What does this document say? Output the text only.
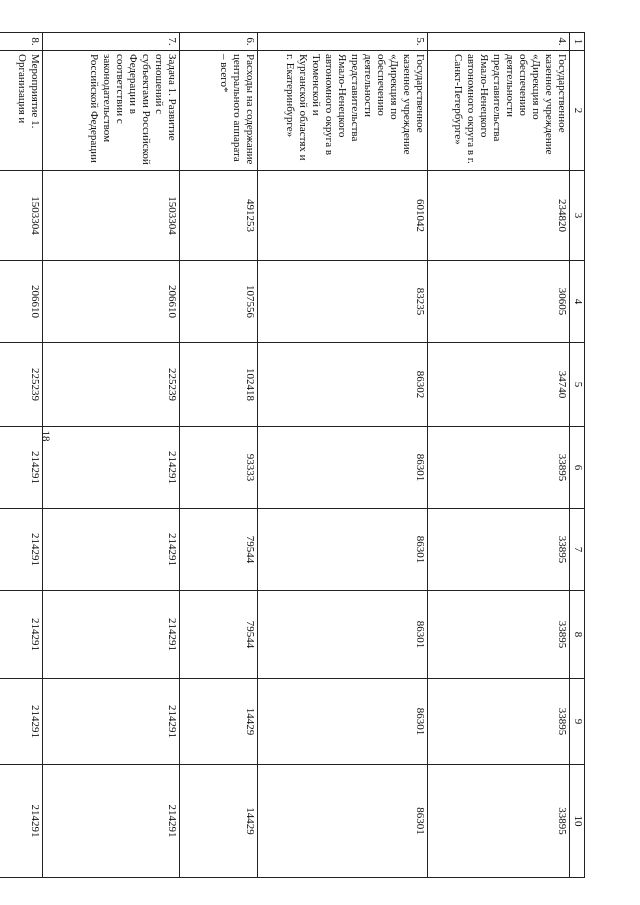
18
1	2	3	4	5	6	7	8	9	10
4.	Государственное казенное учреждение «Дирекция по обеспечению деятельности представительства Ямало-Ненецкого автономного округа в г. Санкт-Петербурге»	234820	30605	34740	33895	33895	33895	33895	33895
5.	Государственное казенное учреждение «Дирекция по обеспечению деятельности представительства Ямало-Ненецкого автономного округа в Тюменской и Курганской областях и г. Екатеринбурге»	601042	83235	86302	86301	86301	86301	86301	86301
6.	Расходы на содержание центрального аппарата – всего*	491253	107556	102418	93333	79544	79544	14429	14429
7.	Задача 1. Развитие отношений с субъектами Российской Федерации в соответствии с законодательством Российской Федерации	1503304	206610	225239	214291	214291	214291	214291	214291
8.	Мероприятие 1. Организация и	1503304	206610	225239	214291	214291	214291	214291	214291
